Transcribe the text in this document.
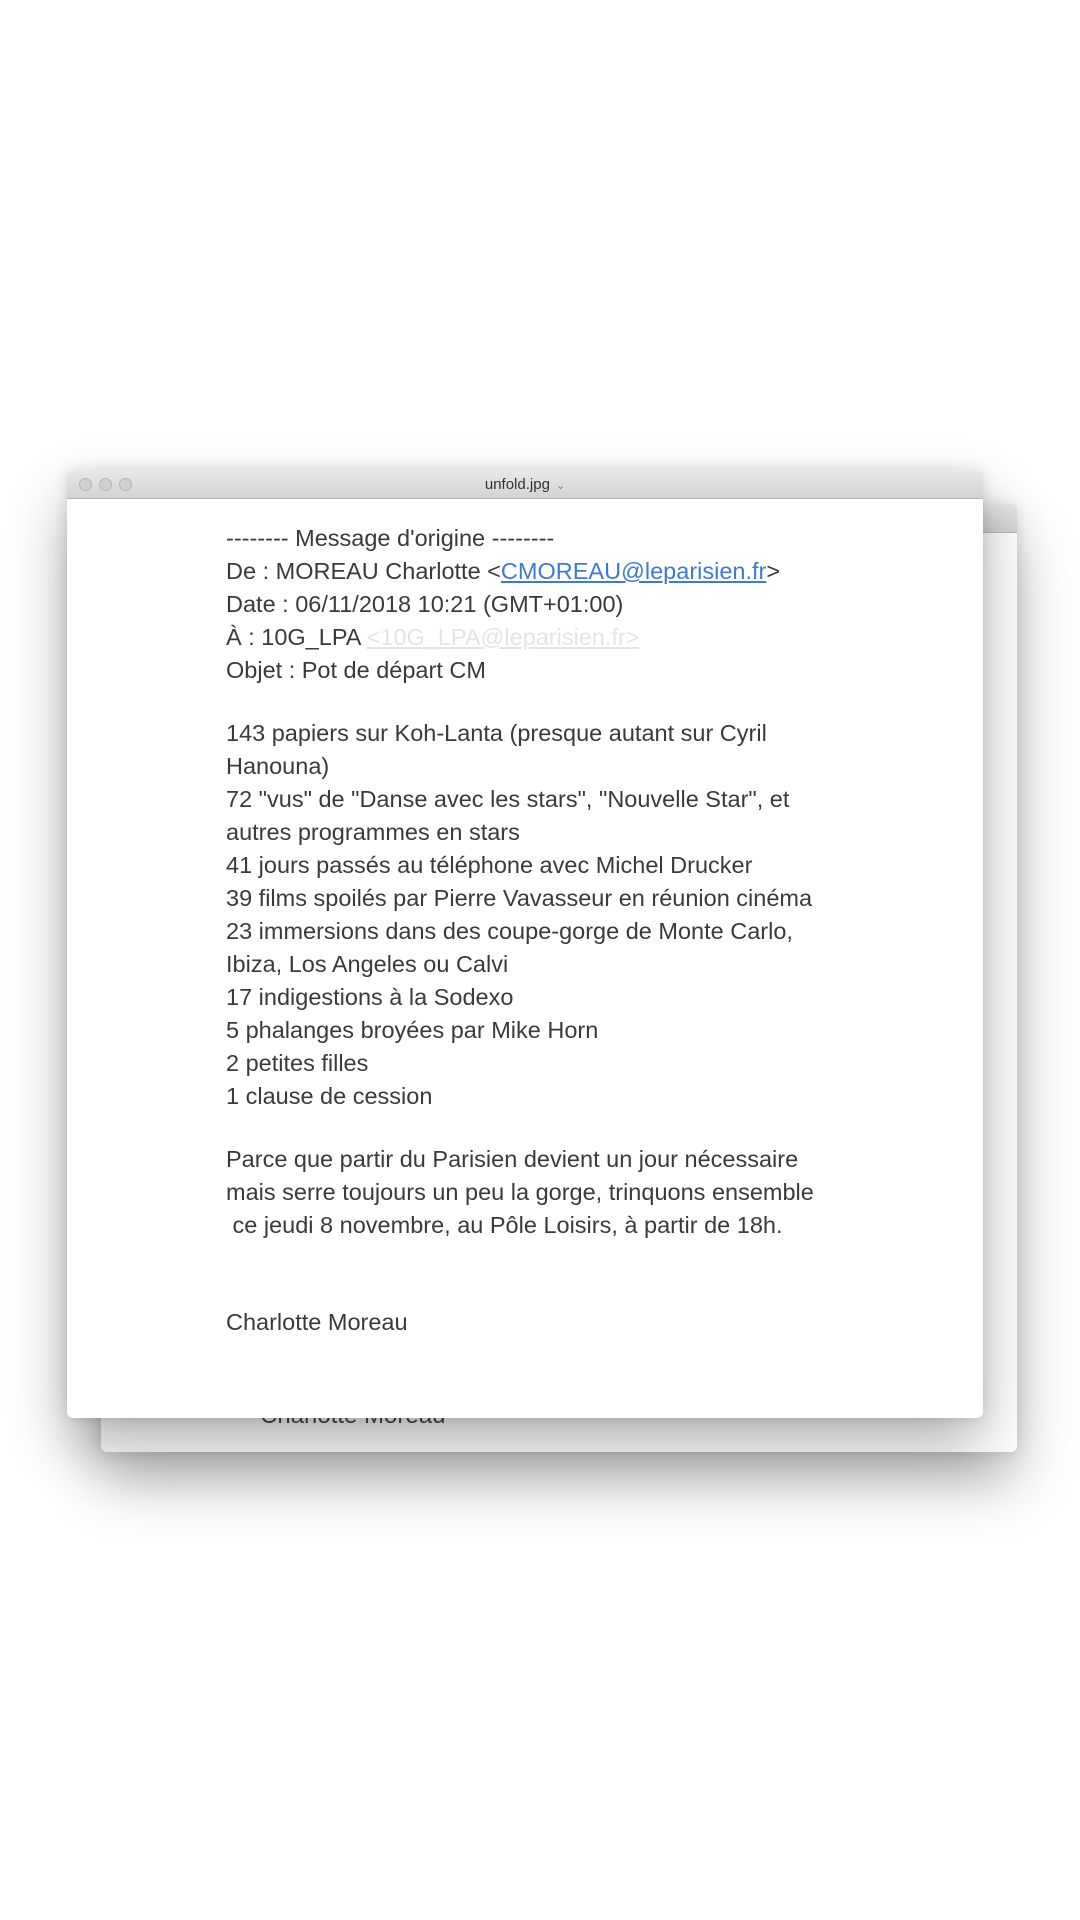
unfold.jpg ⌄
-------- Message d'origine --------
De : MOREAU Charlotte <CMOREAU@leparisien.fr>
Date : 06/11/2018 10:21 (GMT+01:00)
À : 10G_LPA <10G_LPA@leparisien.fr>
Objet : Pot de départ CM
143 papiers sur Koh-Lanta (presque autant sur Cyril Hanouna)
72 "vus" de "Danse avec les stars", "Nouvelle Star", et autres programmes en stars
41 jours passés au téléphone avec Michel Drucker
39 films spoilés par Pierre Vavasseur en réunion cinéma
23 immersions dans des coupe-gorge de Monte Carlo, Ibiza, Los Angeles ou Calvi
17 indigestions à la Sodexo
5 phalanges broyées par Mike Horn
2 petites filles
1 clause de cession
Parce que partir du Parisien devient un jour nécessaire mais serre toujours un peu la gorge, trinquons ensemble
ce jeudi 8 novembre, au Pôle Loisirs, à partir de 18h.
Charlotte Moreau
